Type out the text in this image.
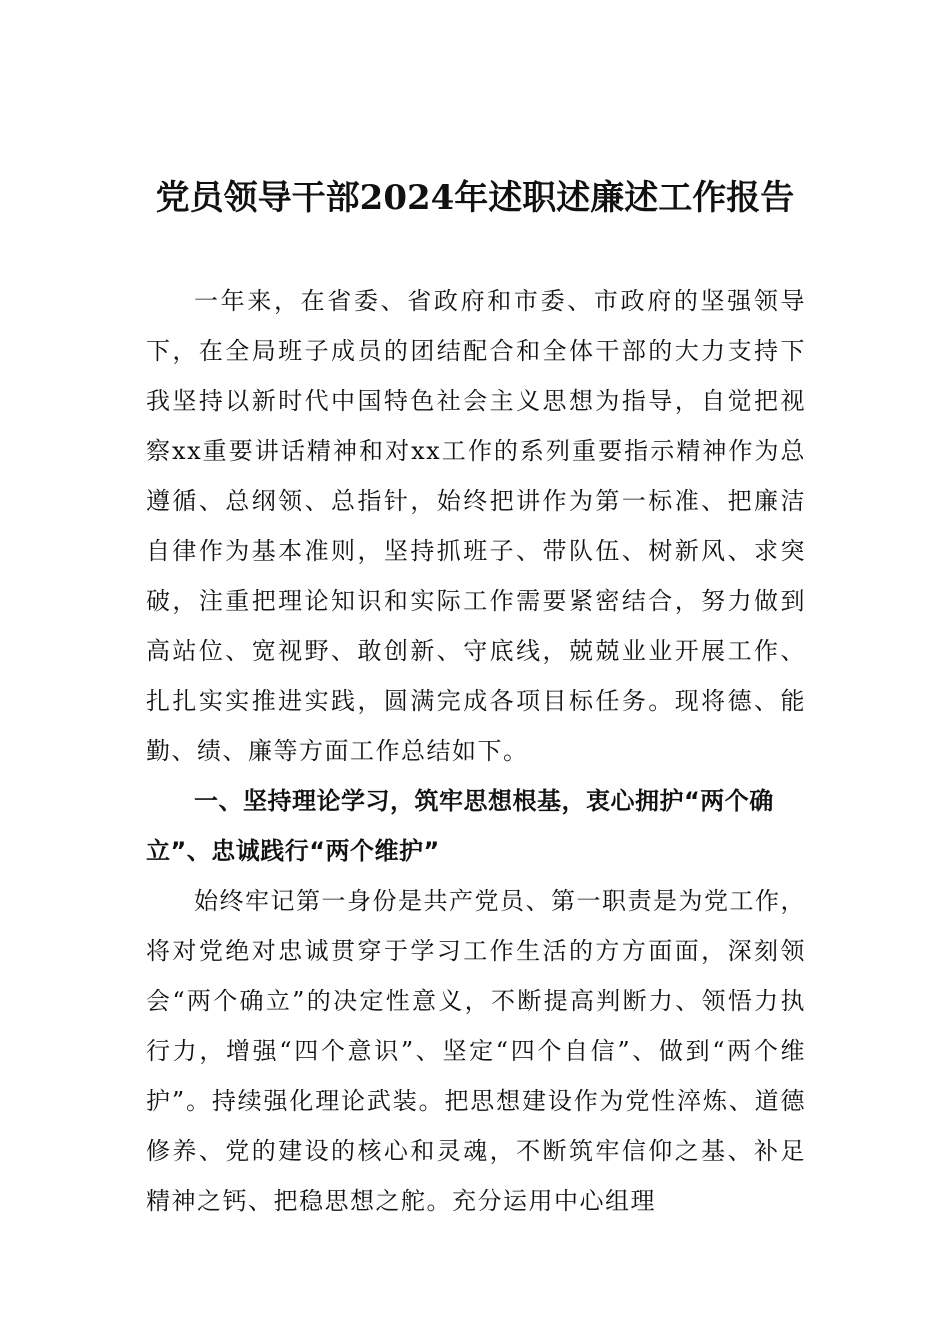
党员领导干部2024年述职述廉述工作报告

一年来，在省委、省政府和市委、市政府的坚强领导下，在全局班子成员的团结配合和全体干部的大力支持下我坚持以新时代中国特色社会主义思想为指导，自觉把视察xx重要讲话精神和对xx工作的系列重要指示精神作为总遵循、总纲领、总指针，始终把讲作为第一标准、把廉洁自律作为基本准则，坚持抓班子、带队伍、树新风、求突破，注重把理论知识和实际工作需要紧密结合，努力做到高站位、宽视野、敢创新、守底线，兢兢业业开展工作、扎扎实实推进实践，圆满完成各项目标任务。现将德、能勤、绩、廉等方面工作总结如下。

一、坚持理论学习，筑牢思想根基，衷心拥护“两个确立”、忠诚践行“两个维护”

始终牢记第一身份是共产党员、第一职责是为党工作，将对党绝对忠诚贯穿于学习工作生活的方方面面，深刻领会“两个确立”的决定性意义，不断提高判断力、领悟力执行力，增强“四个意识”、坚定“四个自信”、做到“两个维护”。持续强化理论武装。把思想建设作为党性淬炼、道德修养、党的建设的核心和灵魂，不断筑牢信仰之基、补足精神之钙、把稳思想之舵。充分运用中心组理
